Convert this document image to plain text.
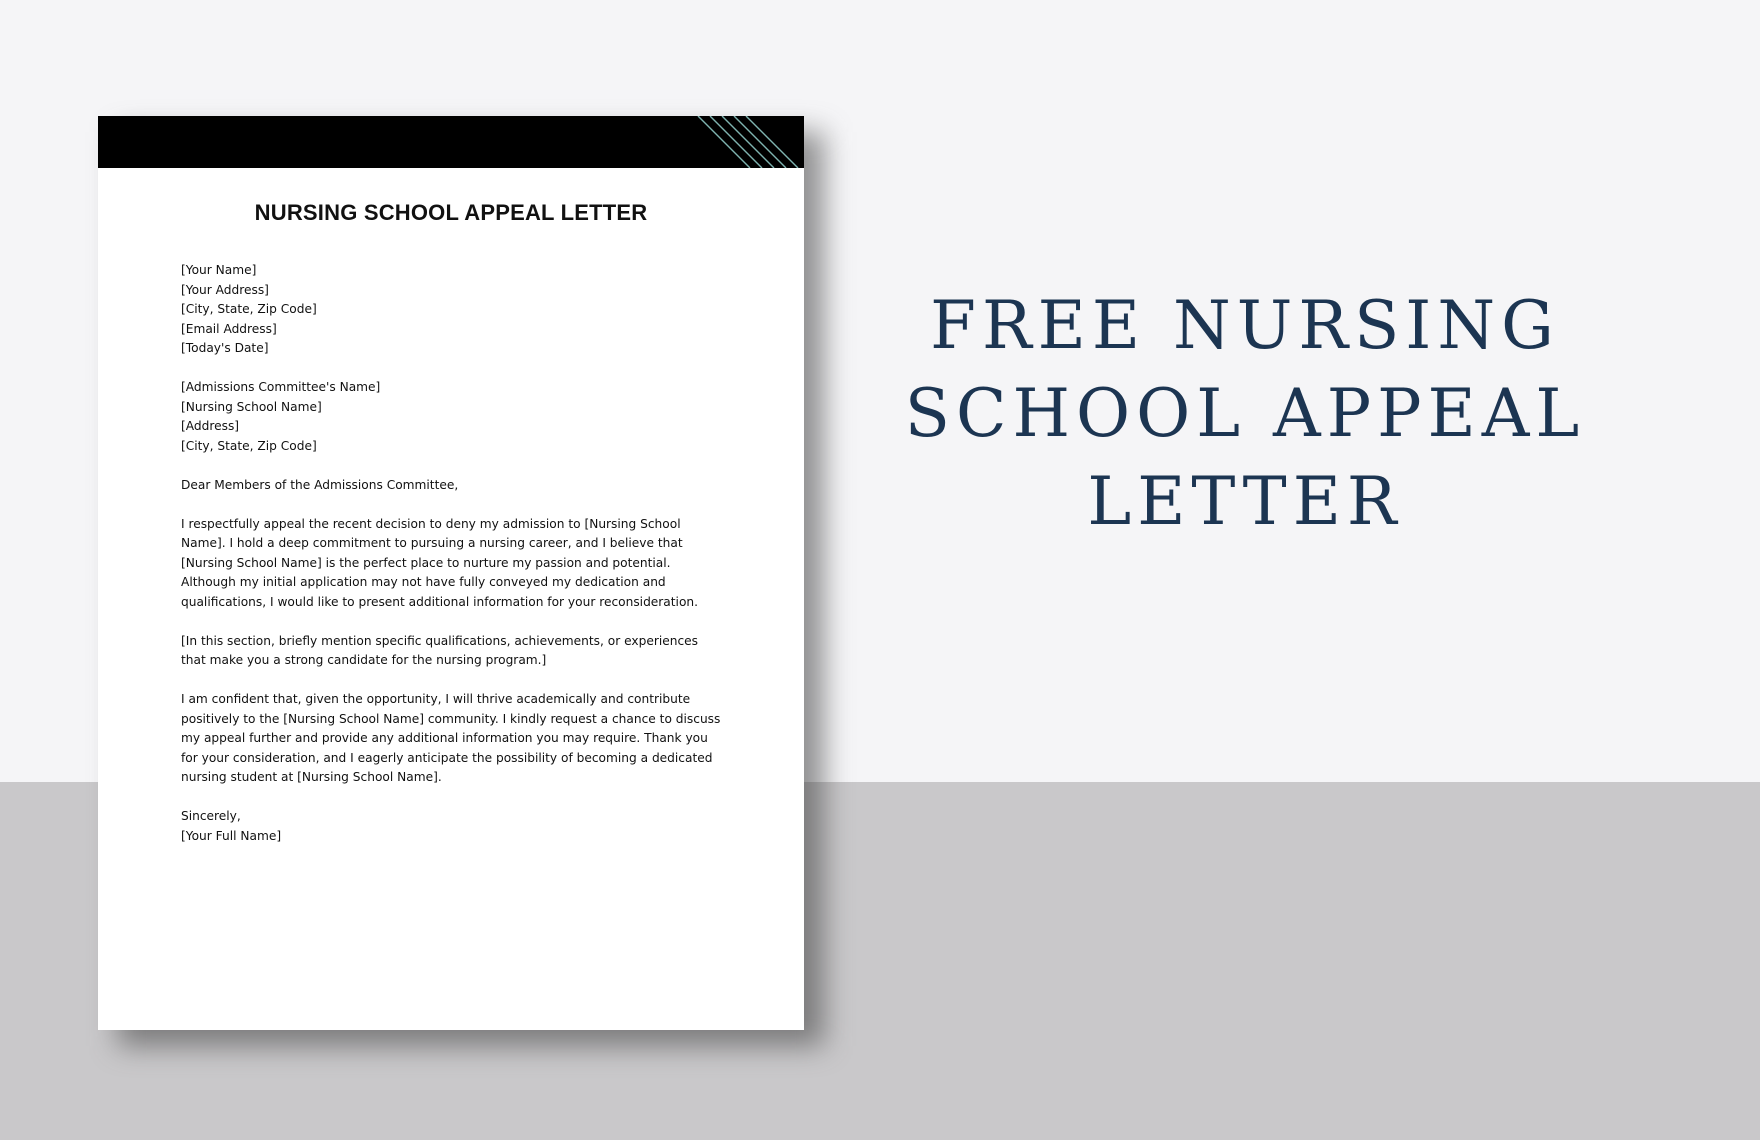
NURSING SCHOOL APPEAL LETTER
[Your Name]
[Your Address]
[City, State, Zip Code]
[Email Address]
[Today's Date]
[Admissions Committee's Name]
[Nursing School Name]
[Address]
[City, State, Zip Code]

Dear Members of the Admissions Committee,

I respectfully appeal the recent decision to deny my admission to [Nursing School Name]. I hold a deep commitment to pursuing a nursing career, and I believe that [Nursing School Name] is the perfect place to nurture my passion and potential. Although my initial application may not have fully conveyed my dedication and qualifications, I would like to present additional information for your reconsideration.

[In this section, briefly mention specific qualifications, achievements, or experiences that make you a strong candidate for the nursing program.]

I am confident that, given the opportunity, I will thrive academically and contribute positively to the [Nursing School Name] community. I kindly request a chance to discuss my appeal further and provide any additional information you may require. Thank you for your consideration, and I eagerly anticipate the possibility of becoming a dedicated nursing student at [Nursing School Name].

Sincerely,
[Your Full Name]
FREE NURSING
SCHOOL APPEAL
LETTER
